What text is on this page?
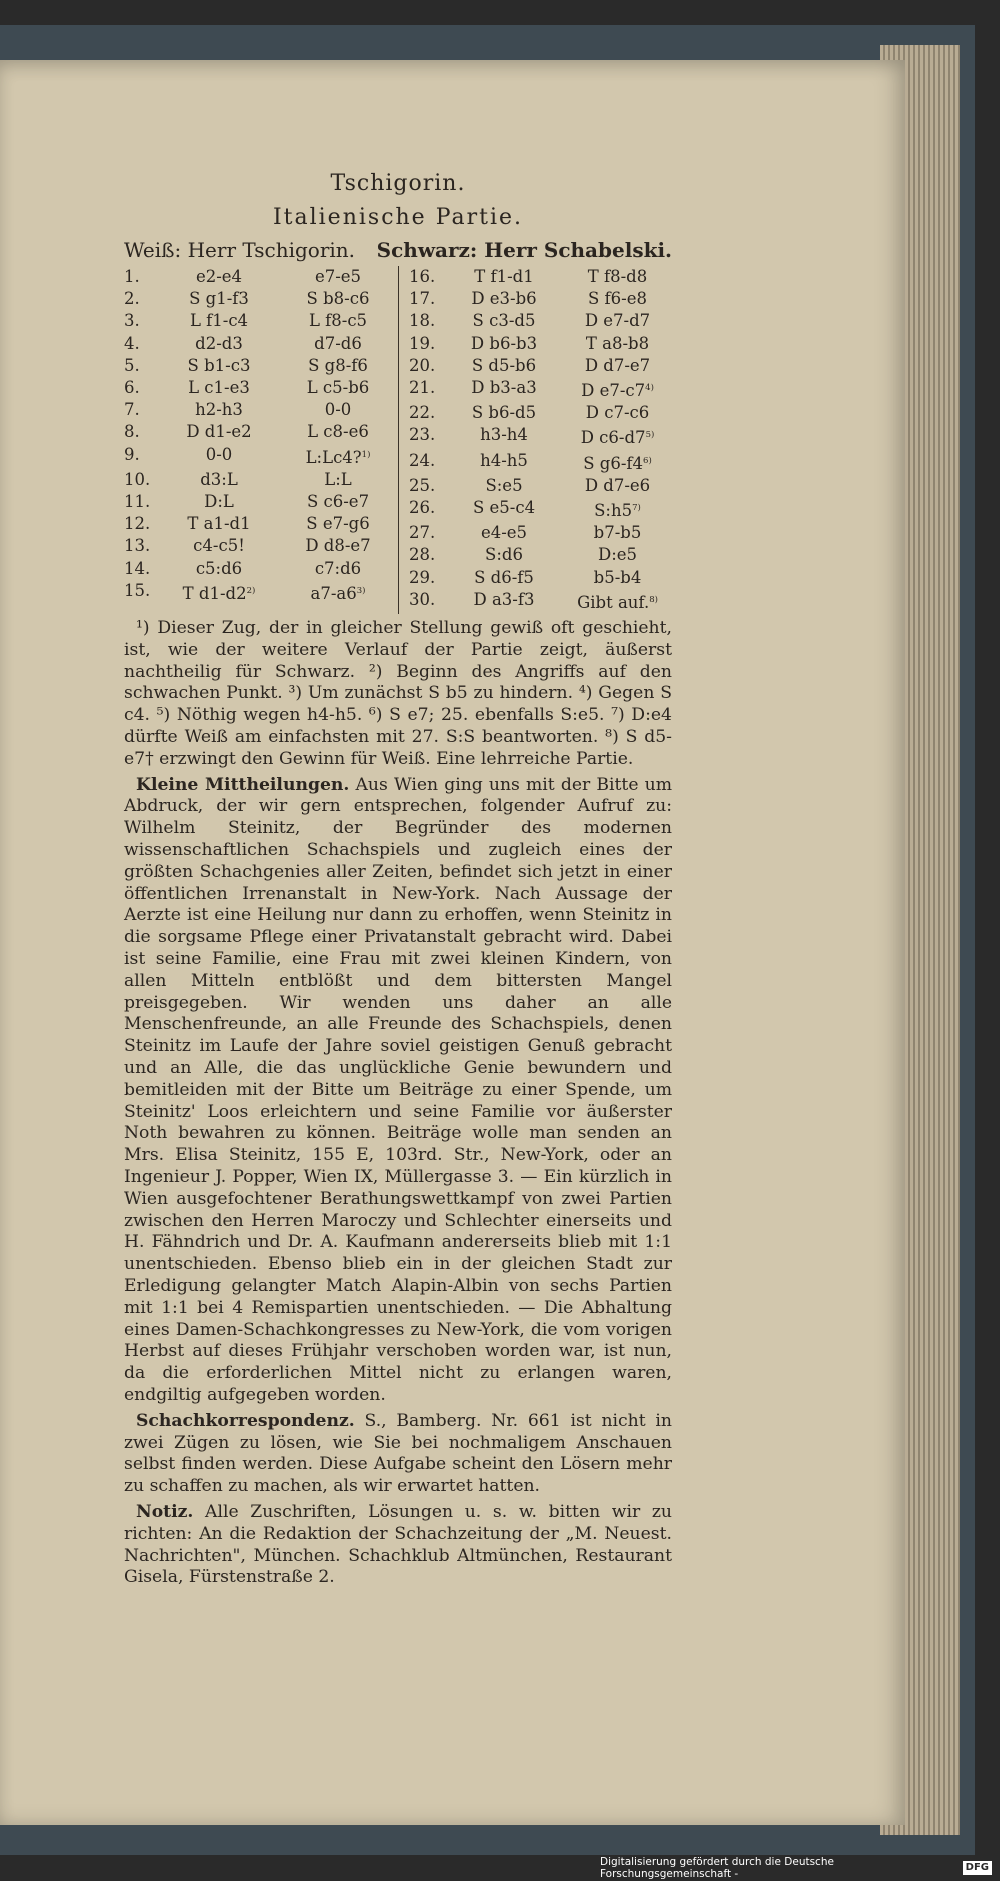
Tschigorin.
Italienische Partie.
Weiß: Herr Tschigorin. Schwarz: Herr Schabelski.
1.	e2-e4	e7-e5
2.	S g1-f3	S b8-c6
3.	L f1-c4	L f8-c5
4.	d2-d3	d7-d6
5.	S b1-c3	S g8-f6
6.	L c1-e3	L c5-b6
7.	h2-h3	0-0
8.	D d1-e2	L c8-e6
9.	0-0	L:Lc4?$^{1)}$
10.	d3:L	L:L
11.	D:L	S c6-e7
12.	T a1-d1	S e7-g6
13.	c4-c5!	D d8-e7
14.	c5:d6	c7:d6
15.	T d1-d2$^{2)}$	a7-a6$^{3)}$
16.	T f1-d1	T f8-d8
17.	D e3-b6	S f6-e8
18.	S c3-d5	D e7-d7
19.	D b6-b3	T a8-b8
20.	S d5-b6	D d7-e7
21.	D b3-a3	D e7-c7$^{4)}$
22.	S b6-d5	D c7-c6
23.	h3-h4	D c6-d7$^{5)}$
24.	h4-h5	S g6-f4$^{6)}$
25.	S:e5	D d7-e6
26.	S e5-c4	S:h5$^{7)}$
27.	e4-e5	b7-b5
28.	S:d6	D:e5
29.	S d6-f5	b5-b4
30.	D a3-f3	Gibt auf.$^{8)}$

¹) Dieser Zug, der in gleicher Stellung gewiß oft geschieht, ist, wie der weitere Verlauf der Partie zeigt, äußerst nachtheilig für Schwarz. ²) Beginn des Angriffs auf den schwachen Punkt. ³) Um zunächst S b5 zu hindern. ⁴) Gegen S c4. ⁵) Nöthig wegen h4-h5. ⁶) S e7; 25. ebenfalls S:e5. ⁷) D:e4 dürfte Weiß am einfachsten mit 27. S:S beantworten. ⁸) S d5-e7† erzwingt den Gewinn für Weiß. Eine lehrreiche Partie.

Kleine Mittheilungen. Aus Wien ging uns mit der Bitte um Abdruck, der wir gern entsprechen, folgender Aufruf zu: Wilhelm Steinitz, der Begründer des modernen wissenschaftlichen Schachspiels und zugleich eines der größten Schachgenies aller Zeiten, befindet sich jetzt in einer öffentlichen Irrenanstalt in New-York. Nach Aussage der Aerzte ist eine Heilung nur dann zu erhoffen, wenn Steinitz in die sorgsame Pflege einer Privatanstalt gebracht wird. Dabei ist seine Familie, eine Frau mit zwei kleinen Kindern, von allen Mitteln entblößt und dem bittersten Mangel preisgegeben. Wir wenden uns daher an alle Menschenfreunde, an alle Freunde des Schachspiels, denen Steinitz im Laufe der Jahre soviel geistigen Genuß gebracht und an Alle, die das unglückliche Genie bewundern und bemitleiden mit der Bitte um Beiträge zu einer Spende, um Steinitz' Loos erleichtern und seine Familie vor äußerster Noth bewahren zu können. Beiträge wolle man senden an Mrs. Elisa Steinitz, 155 E, 103rd. Str., New-York, oder an Ingenieur J. Popper, Wien IX, Müllergasse 3. — Ein kürzlich in Wien ausgefochtener Berathungswettkampf von zwei Partien zwischen den Herren Maroczy und Schlechter einerseits und H. Fähndrich und Dr. A. Kaufmann andererseits blieb mit 1:1 unentschieden. Ebenso blieb ein in der gleichen Stadt zur Erledigung gelangter Match Alapin-Albin von sechs Partien mit 1:1 bei 4 Remispartien unentschieden. — Die Abhaltung eines Damen-Schachkongresses zu New-York, die vom vorigen Herbst auf dieses Frühjahr verschoben worden war, ist nun, da die erforderlichen Mittel nicht zu erlangen waren, endgiltig aufgegeben worden.

Schachkorrespondenz. S., Bamberg. Nr. 661 ist nicht in zwei Zügen zu lösen, wie Sie bei nochmaligem Anschauen selbst finden werden. Diese Aufgabe scheint den Lösern mehr zu schaffen zu machen, als wir erwartet hatten.

Notiz. Alle Zuschriften, Lösungen u. s. w. bitten wir zu richten: An die Redaktion der Schachzeitung der „M. Neuest. Nachrichten", München. Schachklub Altmünchen, Restaurant Gisela, Fürstenstraße 2.

Digitalisierung gefördert durch die Deutsche Forschungsgemeinschaft -
DFG
